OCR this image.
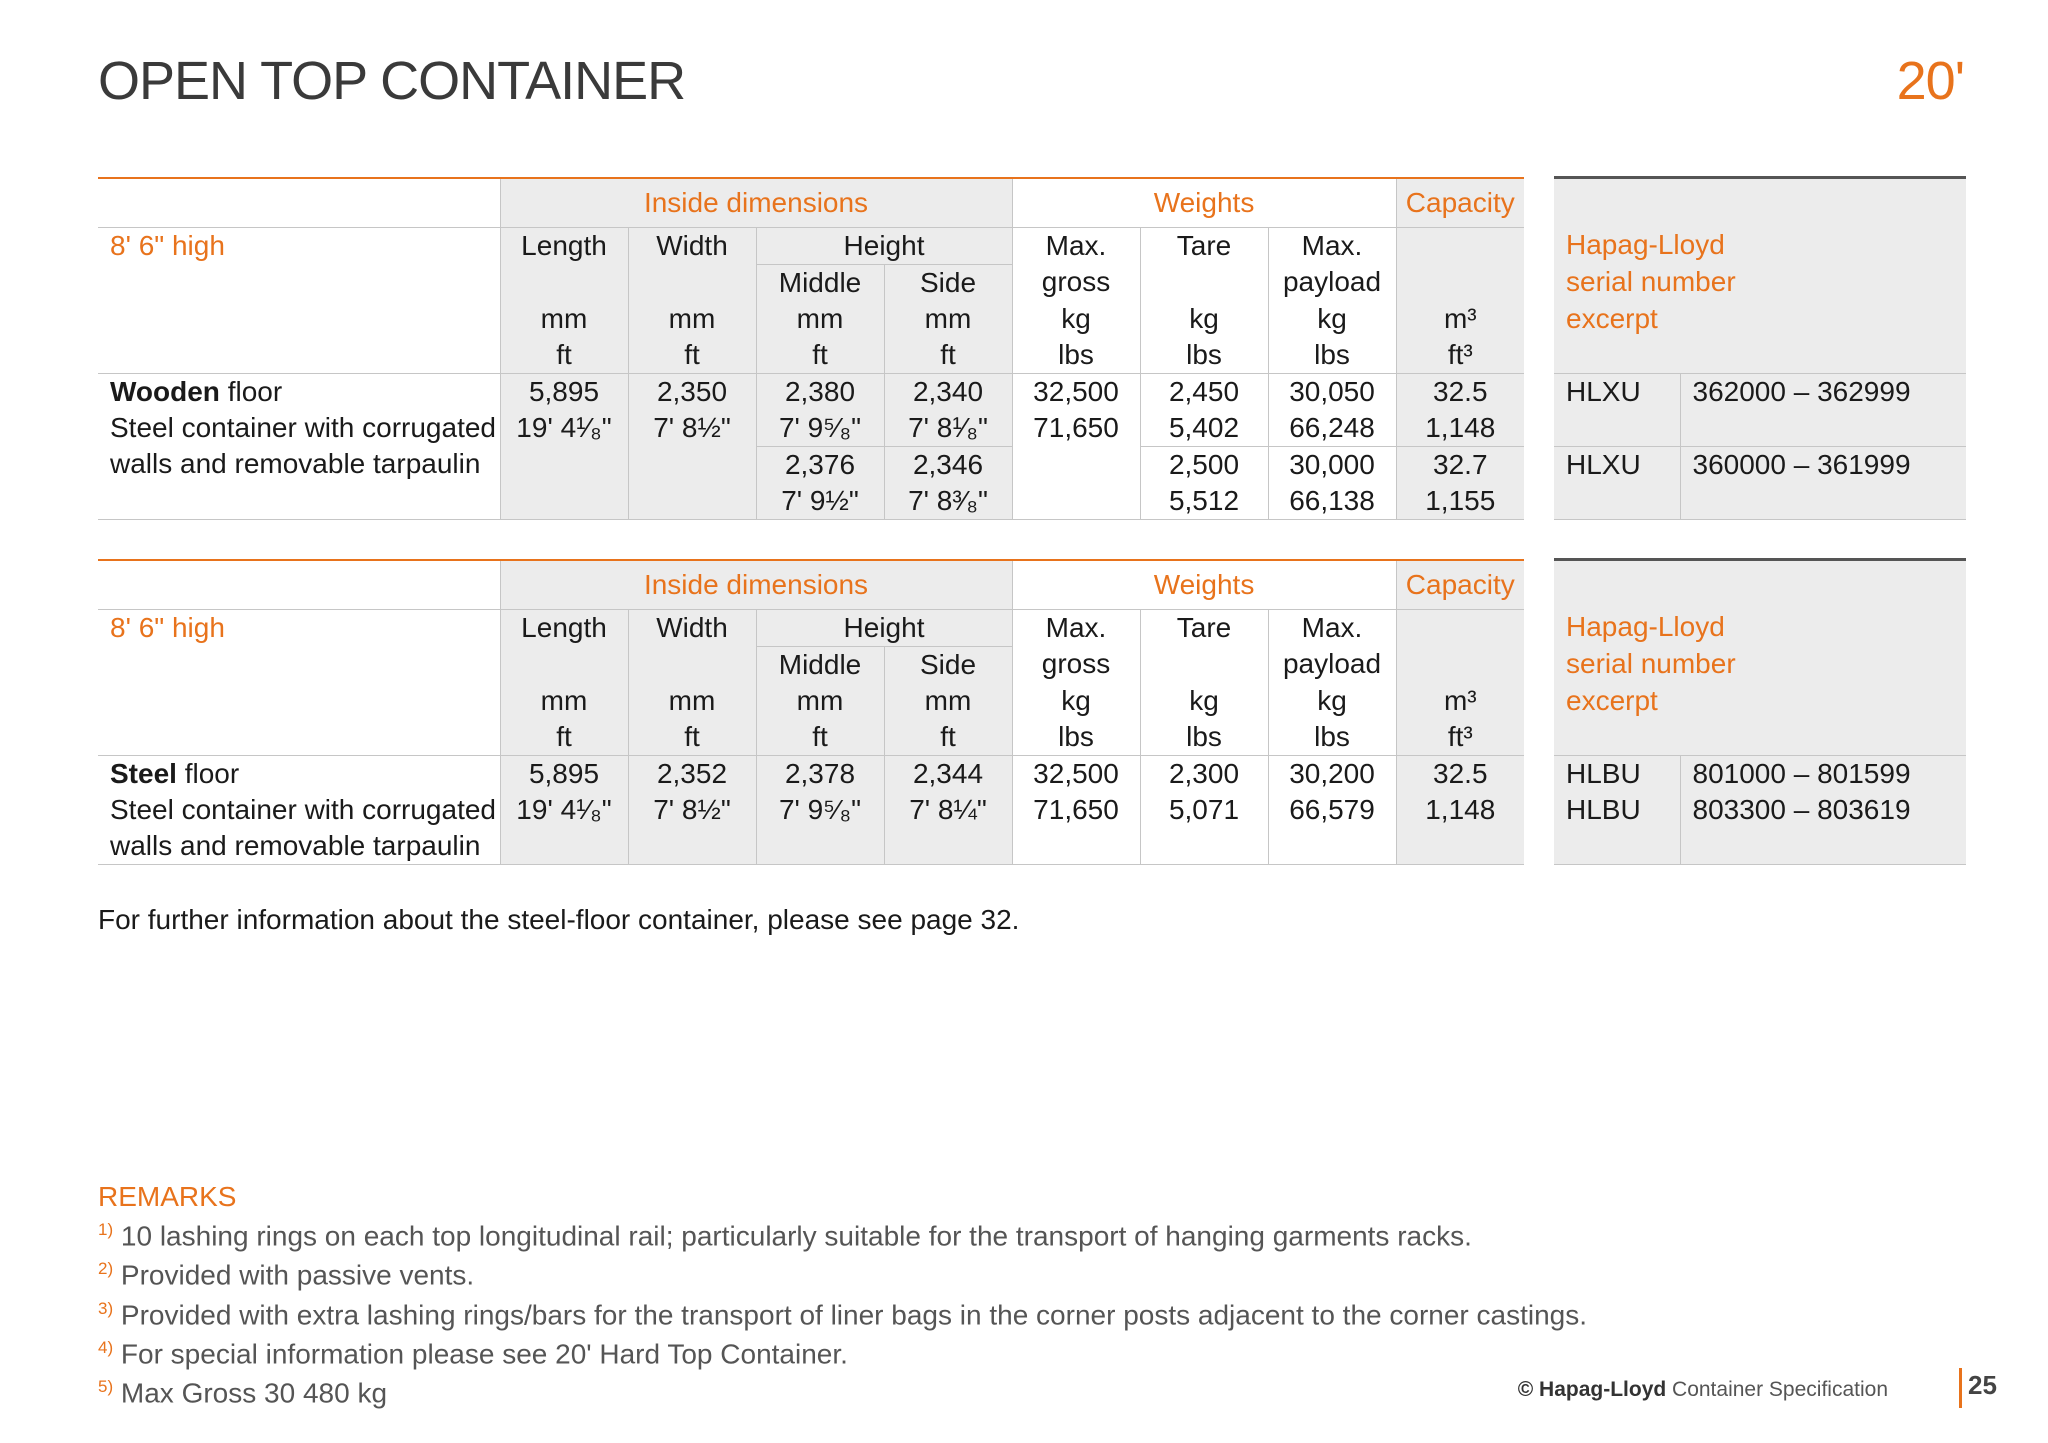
OPEN TOP CONTAINER	20'
	Inside dimensions				Weights			Capacity			
8' 6" high	Length	Width	Height		Max.	Tare	Max.			Hapag-Lloyd	
			Middle	Side	gross		payload			serial number	
	mm	mm	mm	mm	kg	kg	kg	m³		excerpt	
	ft	ft	ft	ft	lbs	lbs	lbs	ft³			
Wooden floor	5,895	2,350	2,380	2,340	32,500	2,450	30,050	32.5		HLXU	362000 – 362999
Steel container with corrugated	19' 4¹⁄₈"	7' 8½"	7' 9⁵⁄₈"	7' 8¹⁄₈"	71,650	5,402	66,248	1,148			
walls and removable tarpaulin			2,376	2,346		2,500	30,000	32.7		HLXU	360000 – 361999
			7' 9½"	7' 8³⁄₈"		5,512	66,138	1,155			
	Inside dimensions				Weights			Capacity			
8' 6" high	Length	Width	Height		Max.	Tare	Max.			Hapag-Lloyd	
			Middle	Side	gross		payload			serial number	
	mm	mm	mm	mm	kg	kg	kg	m³		excerpt	
	ft	ft	ft	ft	lbs	lbs	lbs	ft³			
Steel floor	5,895	2,352	2,378	2,344	32,500	2,300	30,200	32.5		HLBU	801000 – 801599
Steel container with corrugated	19' 4¹⁄₈"	7' 8½"	7' 9⁵⁄₈"	7' 8¼"	71,650	5,071	66,579	1,148		HLBU	803300 – 803619
walls and removable tarpaulin											
For further information about the steel-floor container, please see page 32.
REMARKS
$^{1)}$ 10 lashing rings on each top longitudinal rail; particularly suitable for the transport of hanging garments racks.
$^{2)}$ Provided with passive vents.
$^{3)}$ Provided with extra lashing rings/bars for the transport of liner bags in the corner posts adjacent to the corner castings.
$^{4)}$ For special information please see 20' Hard Top Container.
$^{5)}$ Max Gross 30 480 kg	© Hapag-Lloyd Container Specification	25
